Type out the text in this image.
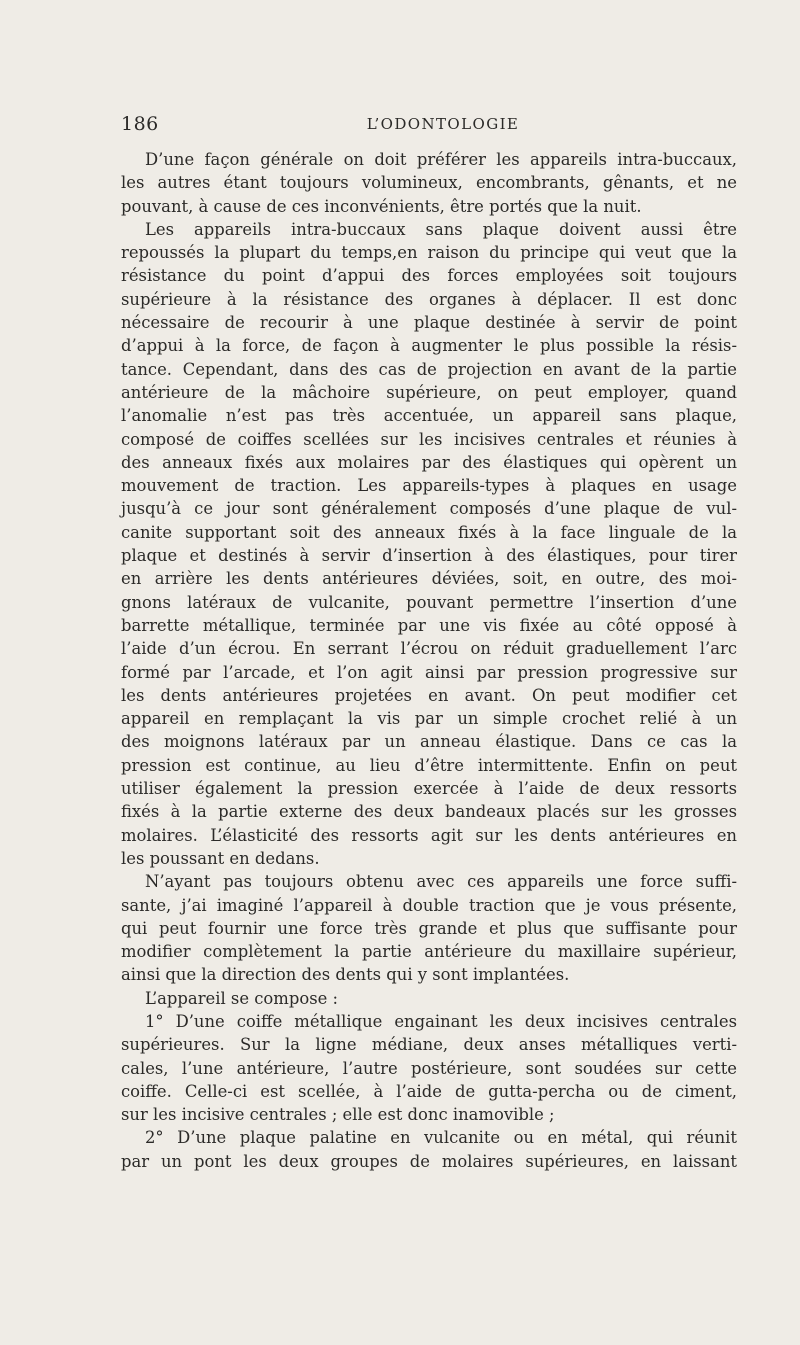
186	L’ODONTOLOGIE
D’une façon générale on doit préférer les appareils intra-buccaux,
les autres étant toujours volumineux, encombrants, gênants, et ne
pouvant, à cause de ces inconvénients, être portés que la nuit.
Les appareils intra-buccaux sans plaque doivent aussi être
repoussés la plupart du temps,en raison du principe qui veut que la
résistance du point d’appui des forces employées soit toujours
supérieure à la résistance des organes à déplacer. Il est donc
nécessaire de recourir à une plaque destinée à servir de point
d’appui à la force, de façon à augmenter le plus possible la résis-
tance. Cependant, dans des cas de projection en avant de la partie
antérieure de la mâchoire supérieure, on peut employer, quand
l’anomalie n’est pas très accentuée, un appareil sans plaque,
composé de coiffes scellées sur les incisives centrales et réunies à
des anneaux fixés aux molaires par des élastiques qui opèrent un
mouvement de traction. Les appareils-types à plaques en usage
jusqu’à ce jour sont généralement composés d’une plaque de vul-
canite supportant soit des anneaux fixés à la face linguale de la
plaque et destinés à servir d’insertion à des élastiques, pour tirer
en arrière les dents antérieures déviées, soit, en outre, des moi-
gnons latéraux de vulcanite, pouvant permettre l’insertion d’une
barrette métallique, terminée par une vis fixée au côté opposé à
l’aide d’un écrou. En serrant l’écrou on réduit graduellement l’arc
formé par l’arcade, et l’on agit ainsi par pression progressive sur
les dents antérieures projetées en avant. On peut modifier cet
appareil en remplaçant la vis par un simple crochet relié à un
des moignons latéraux par un anneau élastique. Dans ce cas la
pression est continue, au lieu d’être intermittente. Enfin on peut
utiliser également la pression exercée à l’aide de deux ressorts
fixés à la partie externe des deux bandeaux placés sur les grosses
molaires. L’élasticité des ressorts agit sur les dents antérieures en
les poussant en dedans.
N’ayant pas toujours obtenu avec ces appareils une force suffi-
sante, j’ai imaginé l’appareil à double traction que je vous présente,
qui peut fournir une force très grande et plus que suffisante pour
modifier complètement la partie antérieure du maxillaire supérieur,
ainsi que la direction des dents qui y sont implantées.
L’appareil se compose :
1° D’une coiffe métallique engainant les deux incisives centrales
supérieures. Sur la ligne médiane, deux anses métalliques verti-
cales, l’une antérieure, l’autre postérieure, sont soudées sur cette
coiffe. Celle-ci est scellée, à l’aide de gutta-percha ou de ciment,
sur les incisive centrales ; elle est donc inamovible ;
2° D’une plaque palatine en vulcanite ou en métal, qui réunit
par un pont les deux groupes de molaires supérieures, en laissant
